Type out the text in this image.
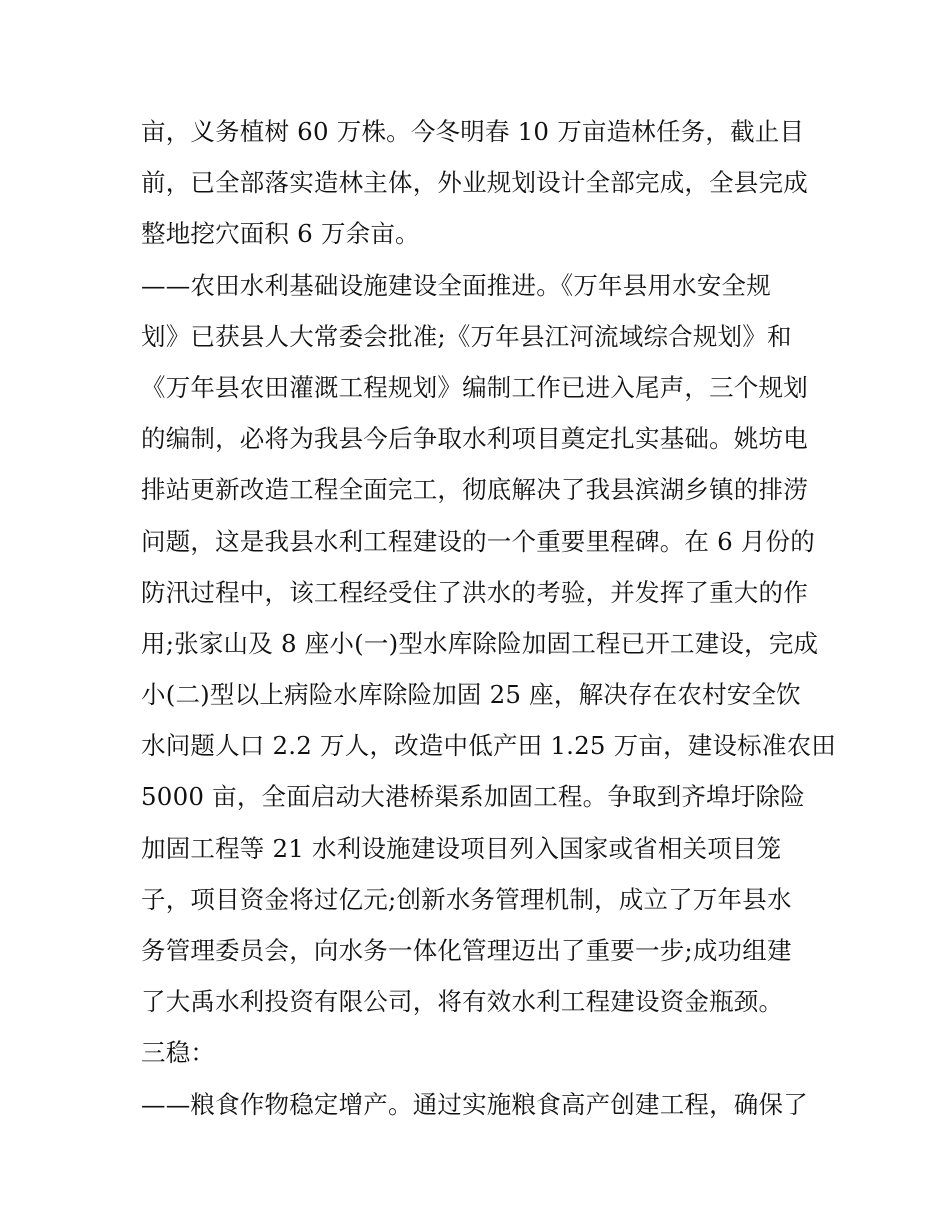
亩，义务植树 60 万株。今冬明春 10 万亩造林任务，截止目
前，已全部落实造林主体，外业规划设计全部完成，全县完成
整地挖穴面积 6 万余亩。
——农田水利基础设施建设全面推进。《万年县用水安全规
划》已获县人大常委会批准;《万年县江河流域综合规划》和
《万年县农田灌溉工程规划》编制工作已进入尾声，三个规划
的编制，必将为我县今后争取水利项目奠定扎实基础。姚坊电
排站更新改造工程全面完工，彻底解决了我县滨湖乡镇的排涝
问题，这是我县水利工程建设的一个重要里程碑。在 6 月份的
防汛过程中，该工程经受住了洪水的考验，并发挥了重大的作
用;张家山及 8 座小(一)型水库除险加固工程已开工建设，完成
小(二)型以上病险水库除险加固 25 座，解决存在农村安全饮
水问题人口 2.2 万人，改造中低产田 1.25 万亩，建设标准农田
5000 亩，全面启动大港桥渠系加固工程。争取到齐埠圩除险
加固工程等 21 水利设施建设项目列入国家或省相关项目笼
子，项目资金将过亿元;创新水务管理机制，成立了万年县水
务管理委员会，向水务一体化管理迈出了重要一步;成功组建
了大禹水利投资有限公司，将有效水利工程建设资金瓶颈。
三稳：
——粮食作物稳定增产。通过实施粮食高产创建工程，确保了
